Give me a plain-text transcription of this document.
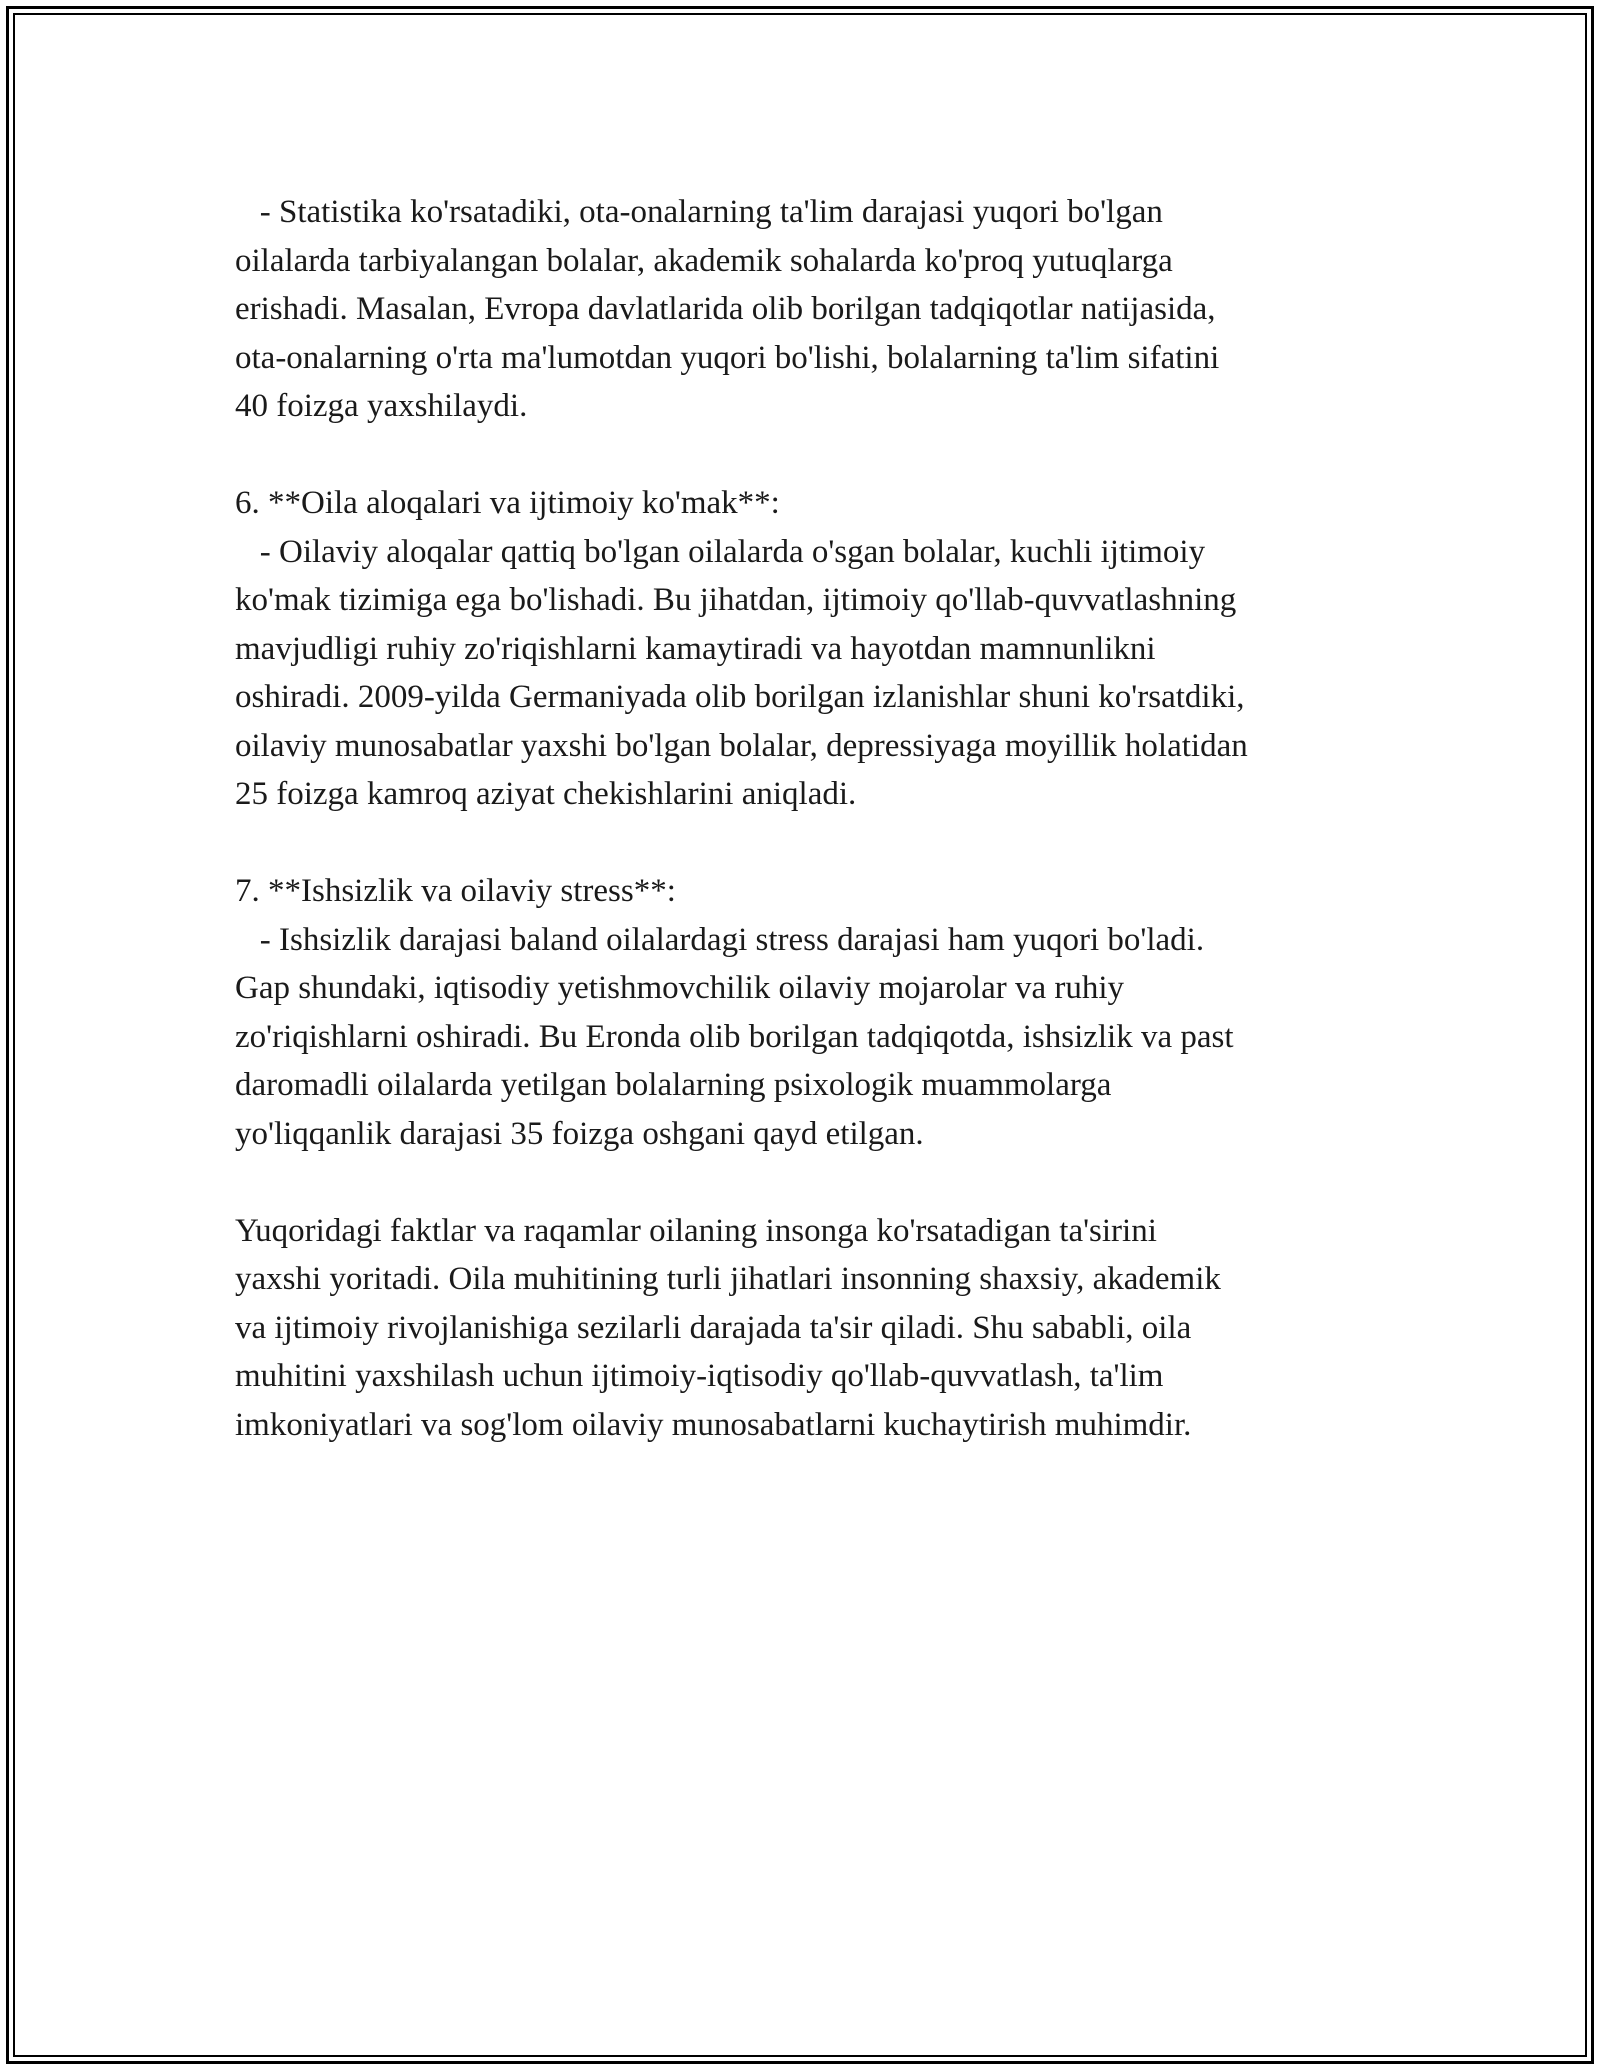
- Statistika ko'rsatadiki, ota-onalarning ta'lim darajasi yuqori bo'lgan
oilalarda tarbiyalangan bolalar, akademik sohalarda ko'proq yutuqlarga
erishadi. Masalan, Evropa davlatlarida olib borilgan tadqiqotlar natijasida,
ota-onalarning o'rta ma'lumotdan yuqori bo'lishi, bolalarning ta'lim sifatini
40 foizga yaxshilaydi.
6. **Oila aloqalari va ijtimoiy ko'mak**:
- Oilaviy aloqalar qattiq bo'lgan oilalarda o'sgan bolalar, kuchli ijtimoiy
ko'mak tizimiga ega bo'lishadi. Bu jihatdan, ijtimoiy qo'llab-quvvatlashning
mavjudligi ruhiy zo'riqishlarni kamaytiradi va hayotdan mamnunlikni
oshiradi. 2009-yilda Germaniyada olib borilgan izlanishlar shuni ko'rsatdiki,
oilaviy munosabatlar yaxshi bo'lgan bolalar, depressiyaga moyillik holatidan
25 foizga kamroq aziyat chekishlarini aniqladi.
7. **Ishsizlik va oilaviy stress**:
- Ishsizlik darajasi baland oilalardagi stress darajasi ham yuqori bo'ladi.
Gap shundaki, iqtisodiy yetishmovchilik oilaviy mojarolar va ruhiy
zo'riqishlarni oshiradi. Bu Eronda olib borilgan tadqiqotda, ishsizlik va past
daromadli oilalarda yetilgan bolalarning psixologik muammolarga
yo'liqqanlik darajasi 35 foizga oshgani qayd etilgan.
Yuqoridagi faktlar va raqamlar oilaning insonga ko'rsatadigan ta'sirini
yaxshi yoritadi. Oila muhitining turli jihatlari insonning shaxsiy, akademik
va ijtimoiy rivojlanishiga sezilarli darajada ta'sir qiladi. Shu sababli, oila
muhitini yaxshilash uchun ijtimoiy-iqtisodiy qo'llab-quvvatlash, ta'lim
imkoniyatlari va sog'lom oilaviy munosabatlarni kuchaytirish muhimdir.
